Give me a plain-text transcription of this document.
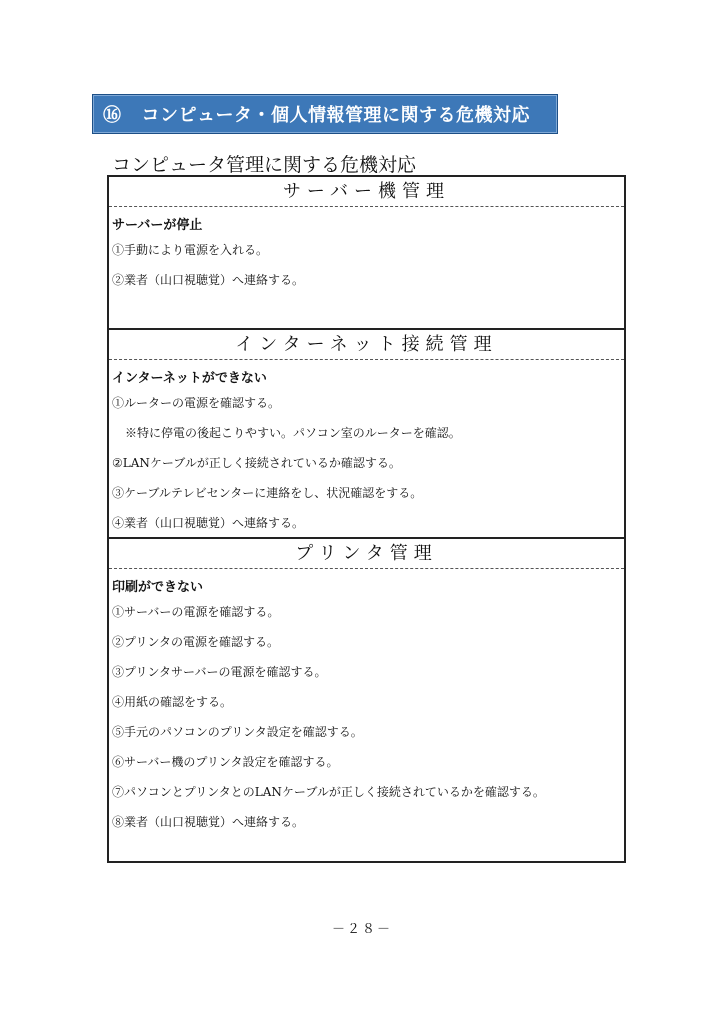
⑯ コンピュータ・個人情報管理に関する危機対応
コンピュータ管理に関する危機対応
サーバー機管理
サーバーが停止
①手動により電源を入れる。
②業者（山口視聴覚）へ連絡する。
インターネット接続管理
インターネットができない
①ルーターの電源を確認する。
※特に停電の後起こりやすい。パソコン室のルーターを確認。
②LANケーブルが正しく接続されているか確認する。
③ケーブルテレビセンターに連絡をし、状況確認をする。
④業者（山口視聴覚）へ連絡する。
プリンタ管理
印刷ができない
①サーバーの電源を確認する。
②プリンタの電源を確認する。
③プリンタサーバーの電源を確認する。
④用紙の確認をする。
⑤手元のパソコンのプリンタ設定を確認する。
⑥サーバー機のプリンタ設定を確認する。
⑦パソコンとプリンタとのLANケーブルが正しく接続されているかを確認する。
⑧業者（山口視聴覚）へ連絡する。
－２８－
